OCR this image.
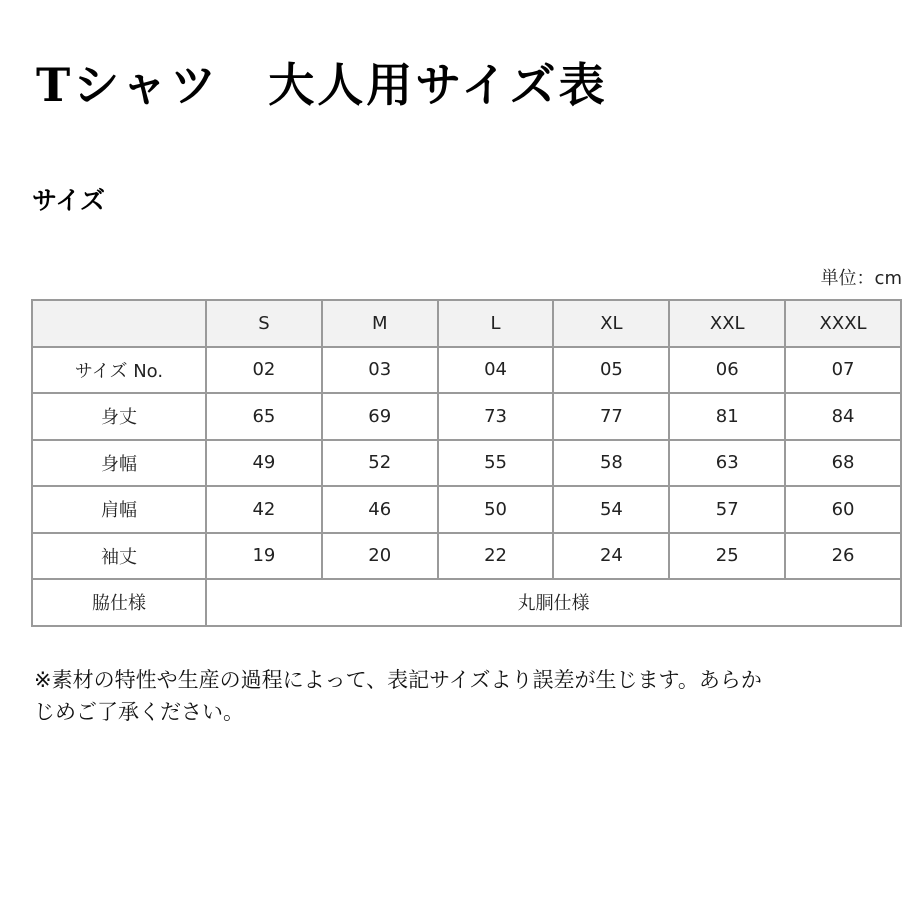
Tシャツ　大人用サイズ表
サイズ
単位：cm
	S	M	L	XL	XXL	XXXL
サイズ No.	02	03	04	05	06	07
身丈	65	69	73	77	81	84
身幅	49	52	55	58	63	68
肩幅	42	46	50	54	57	60
袖丈	19	20	22	24	25	26
脇仕様	丸胴仕様					
※素材の特性や生産の過程によって、表記サイズより誤差が生じます。あらか

じめご了承ください。
